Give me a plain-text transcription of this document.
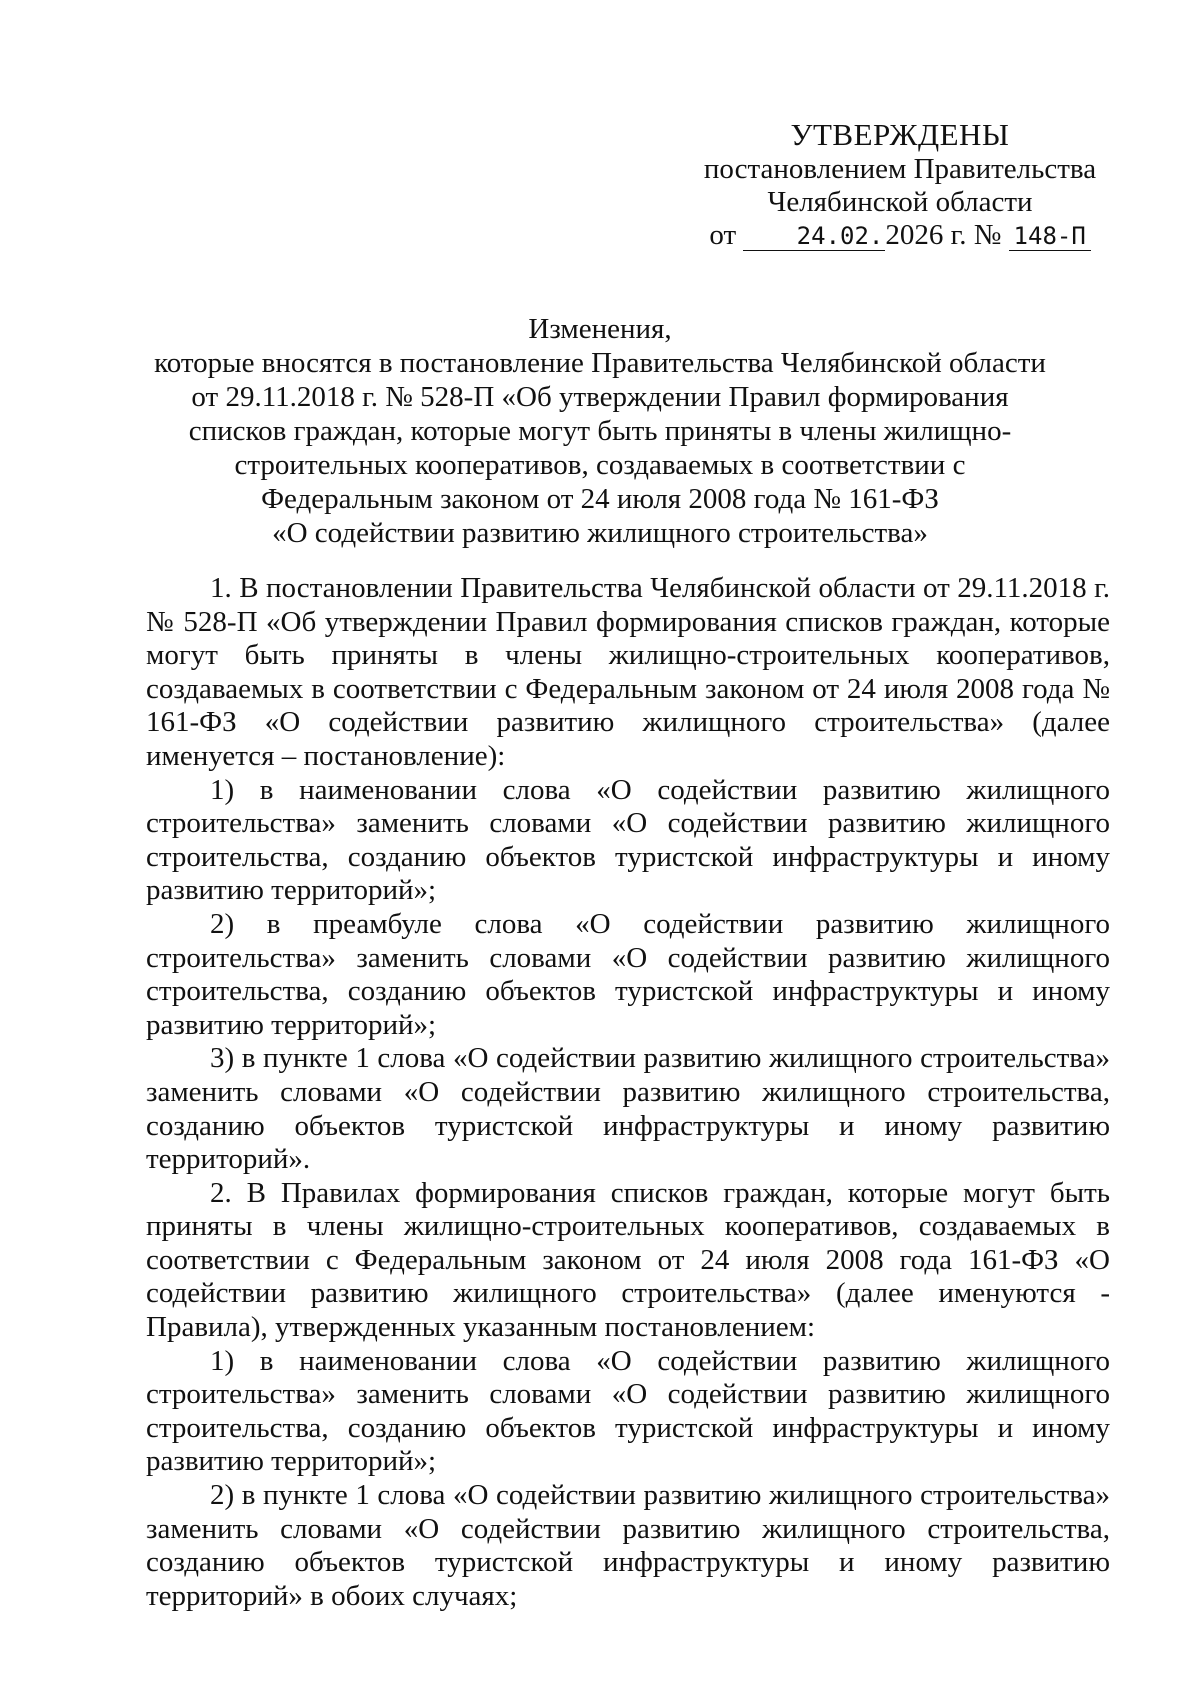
УТВЕРЖДЕНЫ
постановлением Правительства
Челябинской области
от	24.02.2026 г. № 148-П
Изменения,
которые вносятся в постановление Правительства Челябинской области
от 29.11.2018 г. № 528-П «Об утверждении Правил формирования
списков граждан, которые могут быть приняты в члены жилищно-
строительных кооперативов, создаваемых в соответствии с
Федеральным законом от 24 июля 2008 года № 161-ФЗ
«О содействии развитию жилищного строительства»

1. В постановлении Правительства Челябинской области от 29.11.2018 г. № 528-П «Об утверждении Правил формирования списков граждан, которые могут быть приняты в члены жилищно-строительных кооперативов, создаваемых в соответствии с Федеральным законом от 24 июля 2008 года № 161-ФЗ «О содействии развитию жилищного строительства» (далее именуется – постановление):

1) в наименовании слова «О содействии развитию жилищного строительства» заменить словами «О содействии развитию жилищного строительства, созданию объектов туристской инфраструктуры и иному развитию территорий»;

2) в преамбуле слова «О содействии развитию жилищного строительства» заменить словами «О содействии развитию жилищного строительства, созданию объектов туристской инфраструктуры и иному развитию территорий»;

3) в пункте 1 слова «О содействии развитию жилищного строительства» заменить словами «О содействии развитию жилищного строительства, созданию объектов туристской инфраструктуры и иному развитию территорий».

2. В Правилах формирования списков граждан, которые могут быть приняты в члены жилищно-строительных кооперативов, создаваемых в соответствии с Федеральным законом от 24 июля 2008 года 161-ФЗ «О содействии развитию жилищного строительства» (далее именуются - Правила), утвержденных указанным постановлением:

1) в наименовании слова «О содействии развитию жилищного строительства» заменить словами «О содействии развитию жилищного строительства, созданию объектов туристской инфраструктуры и иному развитию территорий»;

2) в пункте 1 слова «О содействии развитию жилищного строительства» заменить словами «О содействии развитию жилищного строительства, созданию объектов туристской инфраструктуры и иному развитию территорий» в обоих случаях;
